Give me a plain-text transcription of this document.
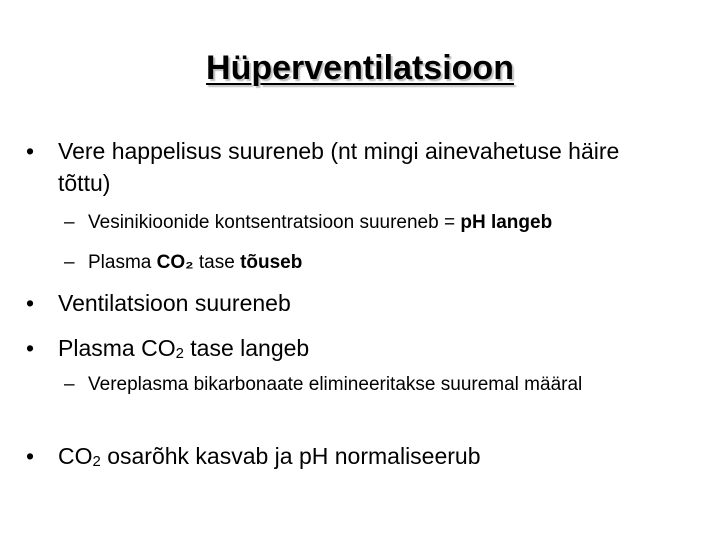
Hüperventilatsioon
•	Vere happelisus suureneb (nt mingi ainevahetuse häire tõttu)
– Vesinikioonide kontsentratsioon suureneb = pH langeb
– Plasma CO₂ tase tõuseb
•	Ventilatsioon suureneb
•	Plasma $CO_2$ tase langeb
– Vereplasma bikarbonaate elimineeritakse suuremal määral
•	$CO_2$ osarõhk kasvab ja pH normaliseerub
